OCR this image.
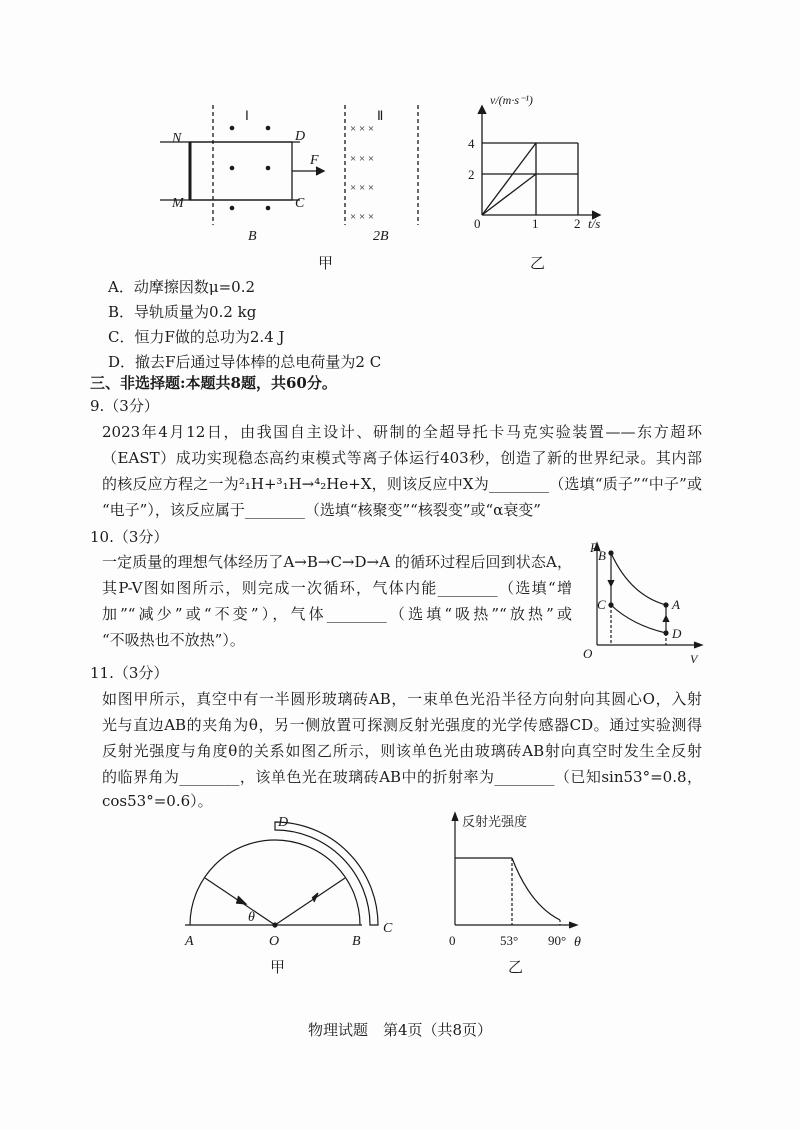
× × ×
× × ×
× × ×
× × ×
Ⅰ	Ⅱ
N
M
D
C
F
B	2B
甲
v/(m·s⁻¹)
4
2
0	1	2 t/s
乙
P
V
O
B
C	A
D
A	O	B
C
D
θ
甲
反射光强度
0	53° 90° θ
乙
A．动摩擦因数μ=0.2
B．导轨质量为0.2 kg
C．恒力F做的总功为2.4 J
D．撤去F后通过导体棒的总电荷量为2 C
三、非选择题:本题共8题，共60分。
9.（3分）
2023年4月12日，由我国自主设计、研制的全超导托卡马克实验装置——东方超环
（EAST）成功实现稳态高约束模式等离子体运行403秒，创造了新的世界纪录。其内部
的核反应方程之一为²₁H+³₁H→⁴₂He+X，则该反应中X为________（选填“质子”“中子”或
“电子”），该反应属于________（选填“核聚变”“核裂变”或“α衰变”
10.（3分）
一定质量的理想气体经历了A→B→C→D→A 的循环过程后回到状态A，
其P-V图如图所示，则完成一次循环，气体内能________（选填“增
加”“减少”或“不变”），气体________（选填“吸热”“放热”或
“不吸热也不放热”）。
11.（3分）
如图甲所示，真空中有一半圆形玻璃砖AB，一束单色光沿半径方向射向其圆心O，入射
光与直边AB的夹角为θ，另一侧放置可探测反射光强度的光学传感器CD。通过实验测得
反射光强度与角度θ的关系如图乙所示，则该单色光由玻璃砖AB射向真空时发生全反射
的临界角为________，该单色光在玻璃砖AB中的折射率为________（已知sin53°=0.8，
cos53°=0.6）。
物理试题　第4页（共8页）
